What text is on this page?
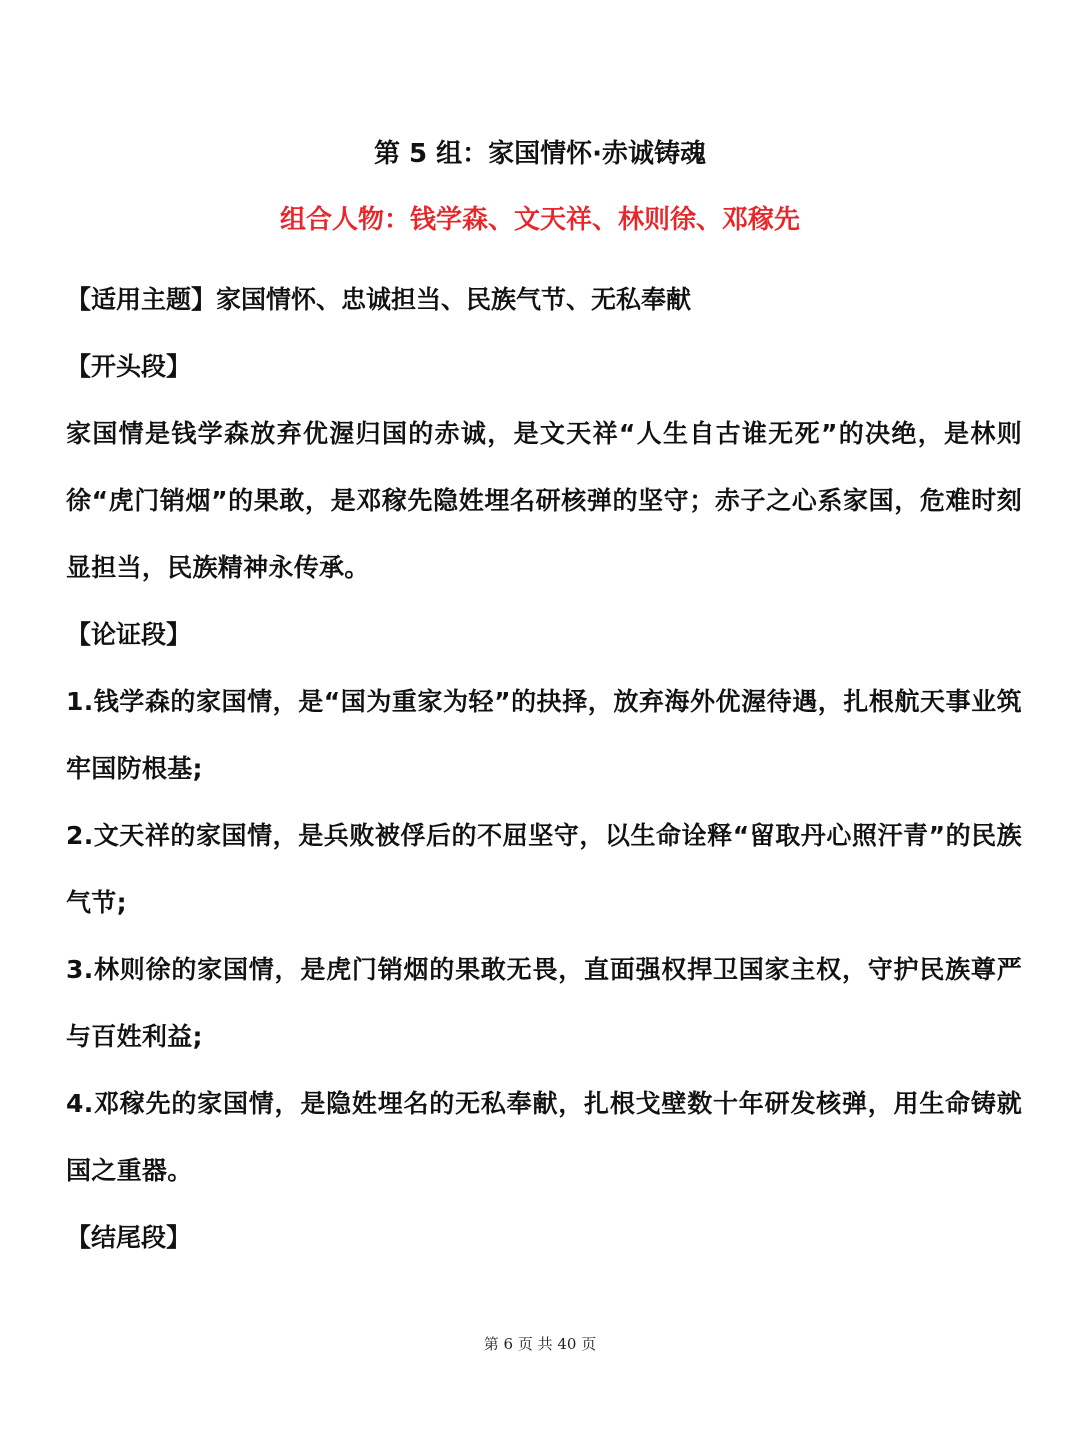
第 5 组：家国情怀·赤诚铸魂
组合人物：钱学森、文天祥、林则徐、邓稼先

【适用主题】家国情怀、忠诚担当、民族气节、无私奉献

【开头段】

家国情是钱学森放弃优渥归国的赤诚，是文天祥“人生自古谁无死”的决绝，是林则徐“虎门销烟”的果敢，是邓稼先隐姓埋名研核弹的坚守；赤子之心系家国，危难时刻显担当，民族精神永传承。

【论证段】

1.钱学森的家国情，是“国为重家为轻”的抉择，放弃海外优渥待遇，扎根航天事业筑牢国防根基;

2.文天祥的家国情，是兵败被俘后的不屈坚守，以生命诠释“留取丹心照汗青”的民族气节;

3.林则徐的家国情，是虎门销烟的果敢无畏，直面强权捍卫国家主权，守护民族尊严与百姓利益;

4.邓稼先的家国情，是隐姓埋名的无私奉献，扎根戈壁数十年研发核弹，用生命铸就国之重器。

【结尾段】

第 6 页 共 40 页
